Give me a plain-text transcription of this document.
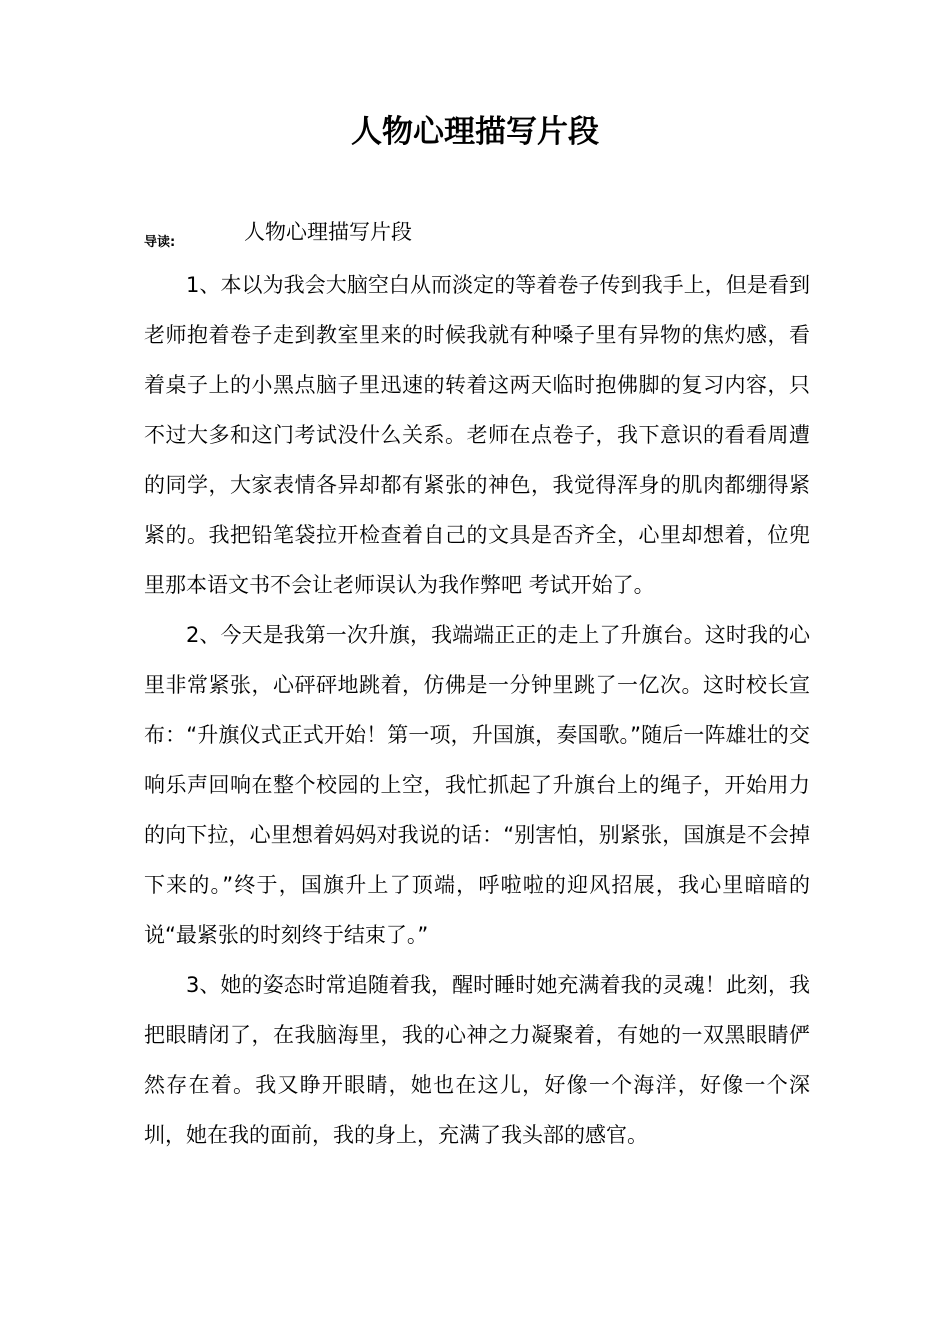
人物心理描写片段
导读:	人物心理描写片段

1、本以为我会大脑空白从而淡定的等着卷子传到我手上，但是看到老师抱着卷子走到教室里来的时候我就有种嗓子里有异物的焦灼感，看着桌子上的小黑点脑子里迅速的转着这两天临时抱佛脚的复习内容，只不过大多和这门考试没什么关系。老师在点卷子，我下意识的看看周遭的同学，大家表情各异却都有紧张的神色，我觉得浑身的肌肉都绷得紧紧的。我把铅笔袋拉开检查着自己的文具是否齐全，心里却想着，位兜里那本语文书不会让老师误认为我作弊吧 考试开始了。

2、今天是我第一次升旗，我端端正正的走上了升旗台。这时我的心里非常紧张，心砰砰地跳着，仿佛是一分钟里跳了一亿次。这时校长宣布：“升旗仪式正式开始！第一项，升国旗，奏国歌。”随后一阵雄壮的交响乐声回响在整个校园的上空，我忙抓起了升旗台上的绳子，开始用力的向下拉，心里想着妈妈对我说的话：“别害怕，别紧张，国旗是不会掉下来的。”终于，国旗升上了顶端，呼啦啦的迎风招展，我心里暗暗的说“最紧张的时刻终于结束了。”

3、她的姿态时常追随着我，醒时睡时她充满着我的灵魂！此刻，我把眼睛闭了，在我脑海里，我的心神之力凝聚着，有她的一双黑眼睛俨然存在着。我又睁开眼睛，她也在这儿，好像一个海洋，好像一个深圳，她在我的面前，我的身上，充满了我头部的感官。
